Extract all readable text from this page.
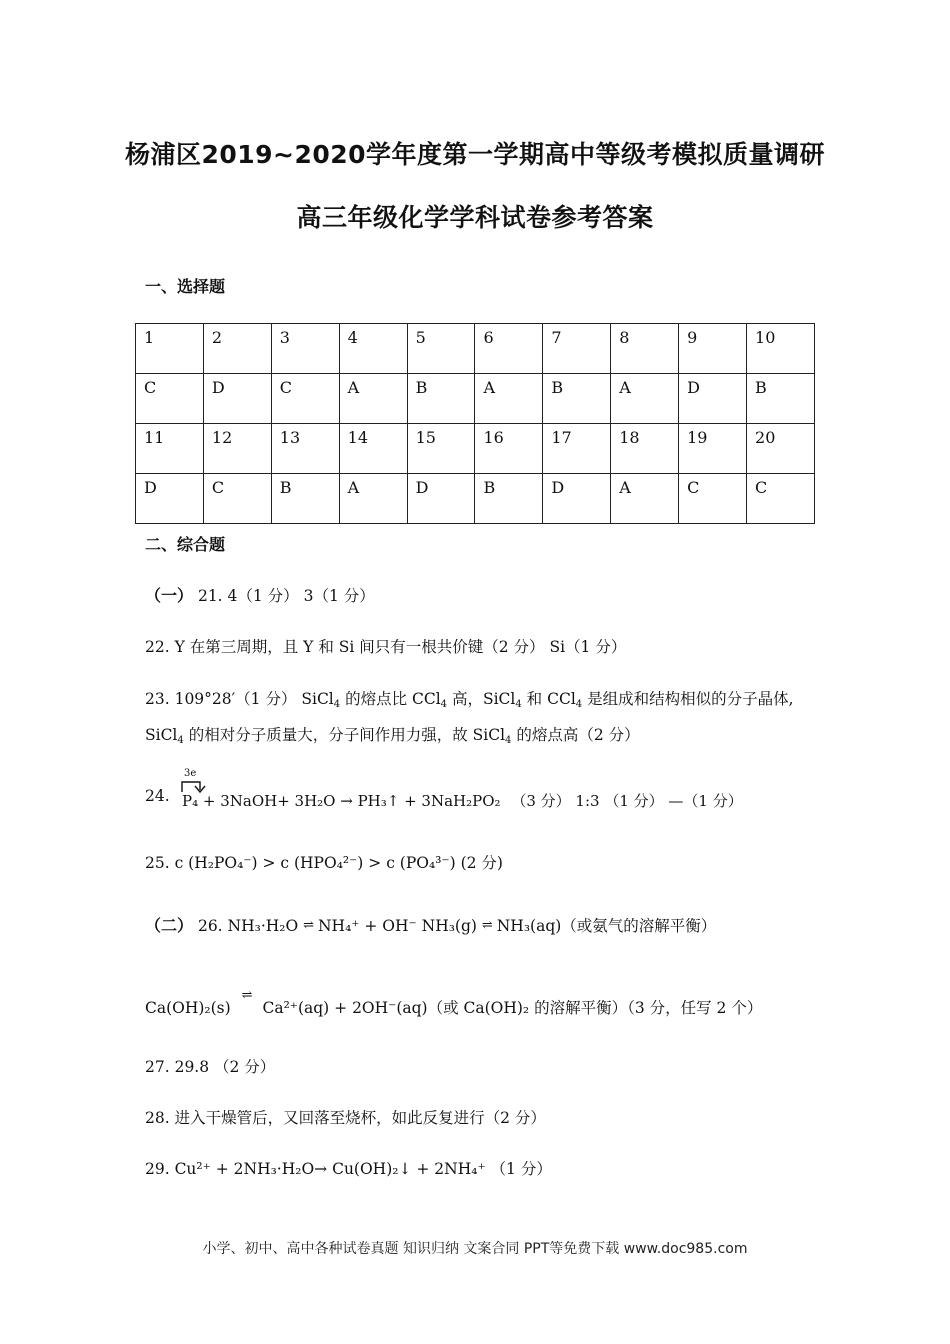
杨浦区2019~2020学年度第一学期高中等级考模拟质量调研
高三年级化学学科试卷参考答案
一、选择题
1	2	3	4	5	6	7	8	9	10
C	D	C	A	B	A	B	A	D	B
11	12	13	14	15	16	17	18	19	20
D	C	B	A	D	B	D	A	C	C
二、综合题
（一） 21. 4（1 分） 3（1 分）
22. Y 在第三周期，且 Y 和 Si 间只有一根共价键（2 分） Si（1 分）
23. 109°28′（1 分） SiCl$_4$ 的熔点比 CCl$_4$ 高，SiCl$_4$ 和 CCl$_4$ 是组成和结构相似的分子晶体,
SiCl$_4$ 的相对分子质量大，分子间作用力强，故 SiCl$_4$ 的熔点高（2 分）
24.
3e
P₄ + 3NaOH+ 3H₂O → PH₃↑ + 3NaH₂PO₂ （3 分） 1:3 （1 分） —（1 分）
25. c (H₂PO₄⁻) > c (HPO₄²⁻) > c (PO₄³⁻) (2 分)
（二） 26. NH₃·H₂O ⇌ NH₄⁺ + OH⁻ NH₃(g) ⇌ NH₃(aq)（或氨气的溶解平衡）
Ca(OH)₂(s) ⇌ Ca²⁺(aq) + 2OH⁻(aq)（或 Ca(OH)₂ 的溶解平衡）（3 分，任写 2 个）
27. 29.8 （2 分）
28. 进入干燥管后，又回落至烧杯，如此反复进行（2 分）
29. Cu²⁺ + 2NH₃·H₂O→ Cu(OH)₂↓ + 2NH₄⁺ （1 分）
小学、初中、高中各种试卷真题 知识归纳 文案合同 PPT等免费下载 www.doc985.com
